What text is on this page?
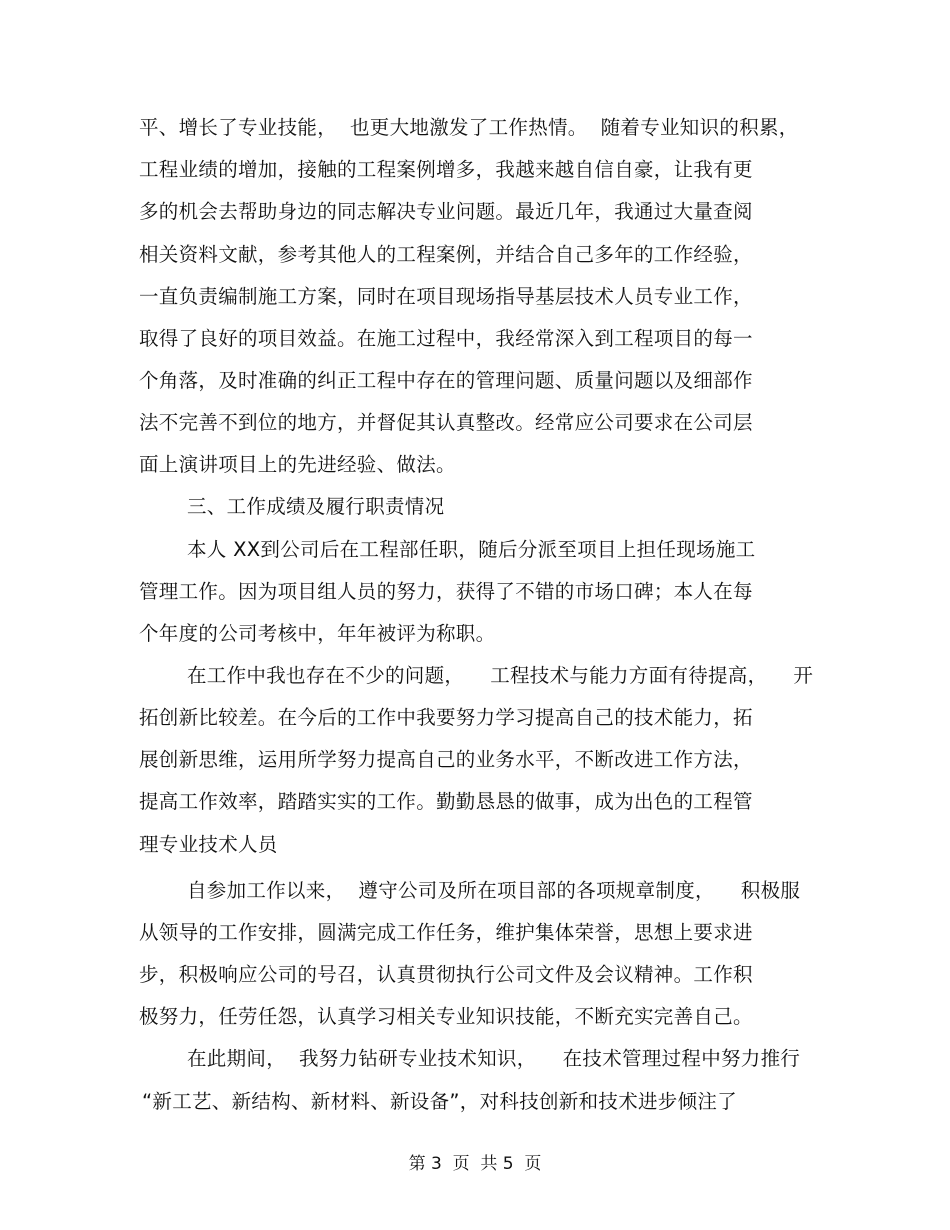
平、增长了专业技能，  也更大地激发了工作热情。  随着专业知识的积累，
工程业绩的增加，接触的工程案例增多，我越来越自信自豪，让我有更
多的机会去帮助身边的同志解决专业问题。最近几年，我通过大量查阅
相关资料文献，参考其他人的工程案例，并结合自己多年的工作经验，
一直负责编制施工方案，同时在项目现场指导基层技术人员专业工作，
取得了良好的项目效益。在施工过程中，我经常深入到工程项目的每一
个角落，及时准确的纠正工程中存在的管理问题、质量问题以及细部作
法不完善不到位的地方，并督促其认真整改。经常应公司要求在公司层
面上演讲项目上的先进经验、做法。
三、工作成绩及履行职责情况
本人 XX到公司后在工程部任职，随后分派至项目上担任现场施工
管理工作。因为项目组人员的努力，获得了不错的市场口碑；本人在每
个年度的公司考核中，年年被评为称职。
在工作中我也存在不少的问题，    工程技术与能力方面有待提高，    开
拓创新比较差。在今后的工作中我要努力学习提高自己的技术能力，拓
展创新思维，运用所学努力提高自己的业务水平，不断改进工作方法，
提高工作效率，踏踏实实的工作。勤勤恳恳的做事，成为出色的工程管
理专业技术人员
自参加工作以来，  遵守公司及所在项目部的各项规章制度，    积极服
从领导的工作安排，圆满完成工作任务，维护集体荣誉，思想上要求进
步，积极响应公司的号召，认真贯彻执行公司文件及会议精神。工作积
极努力，任劳任怨，认真学习相关专业知识技能，不断充实完善自己。
在此期间，  我努力钻研专业技术知识，    在技术管理过程中努力推行
“新工艺、新结构、新材料、新设备”，对科技创新和技术进步倾注了
第 3  页  共 5  页
